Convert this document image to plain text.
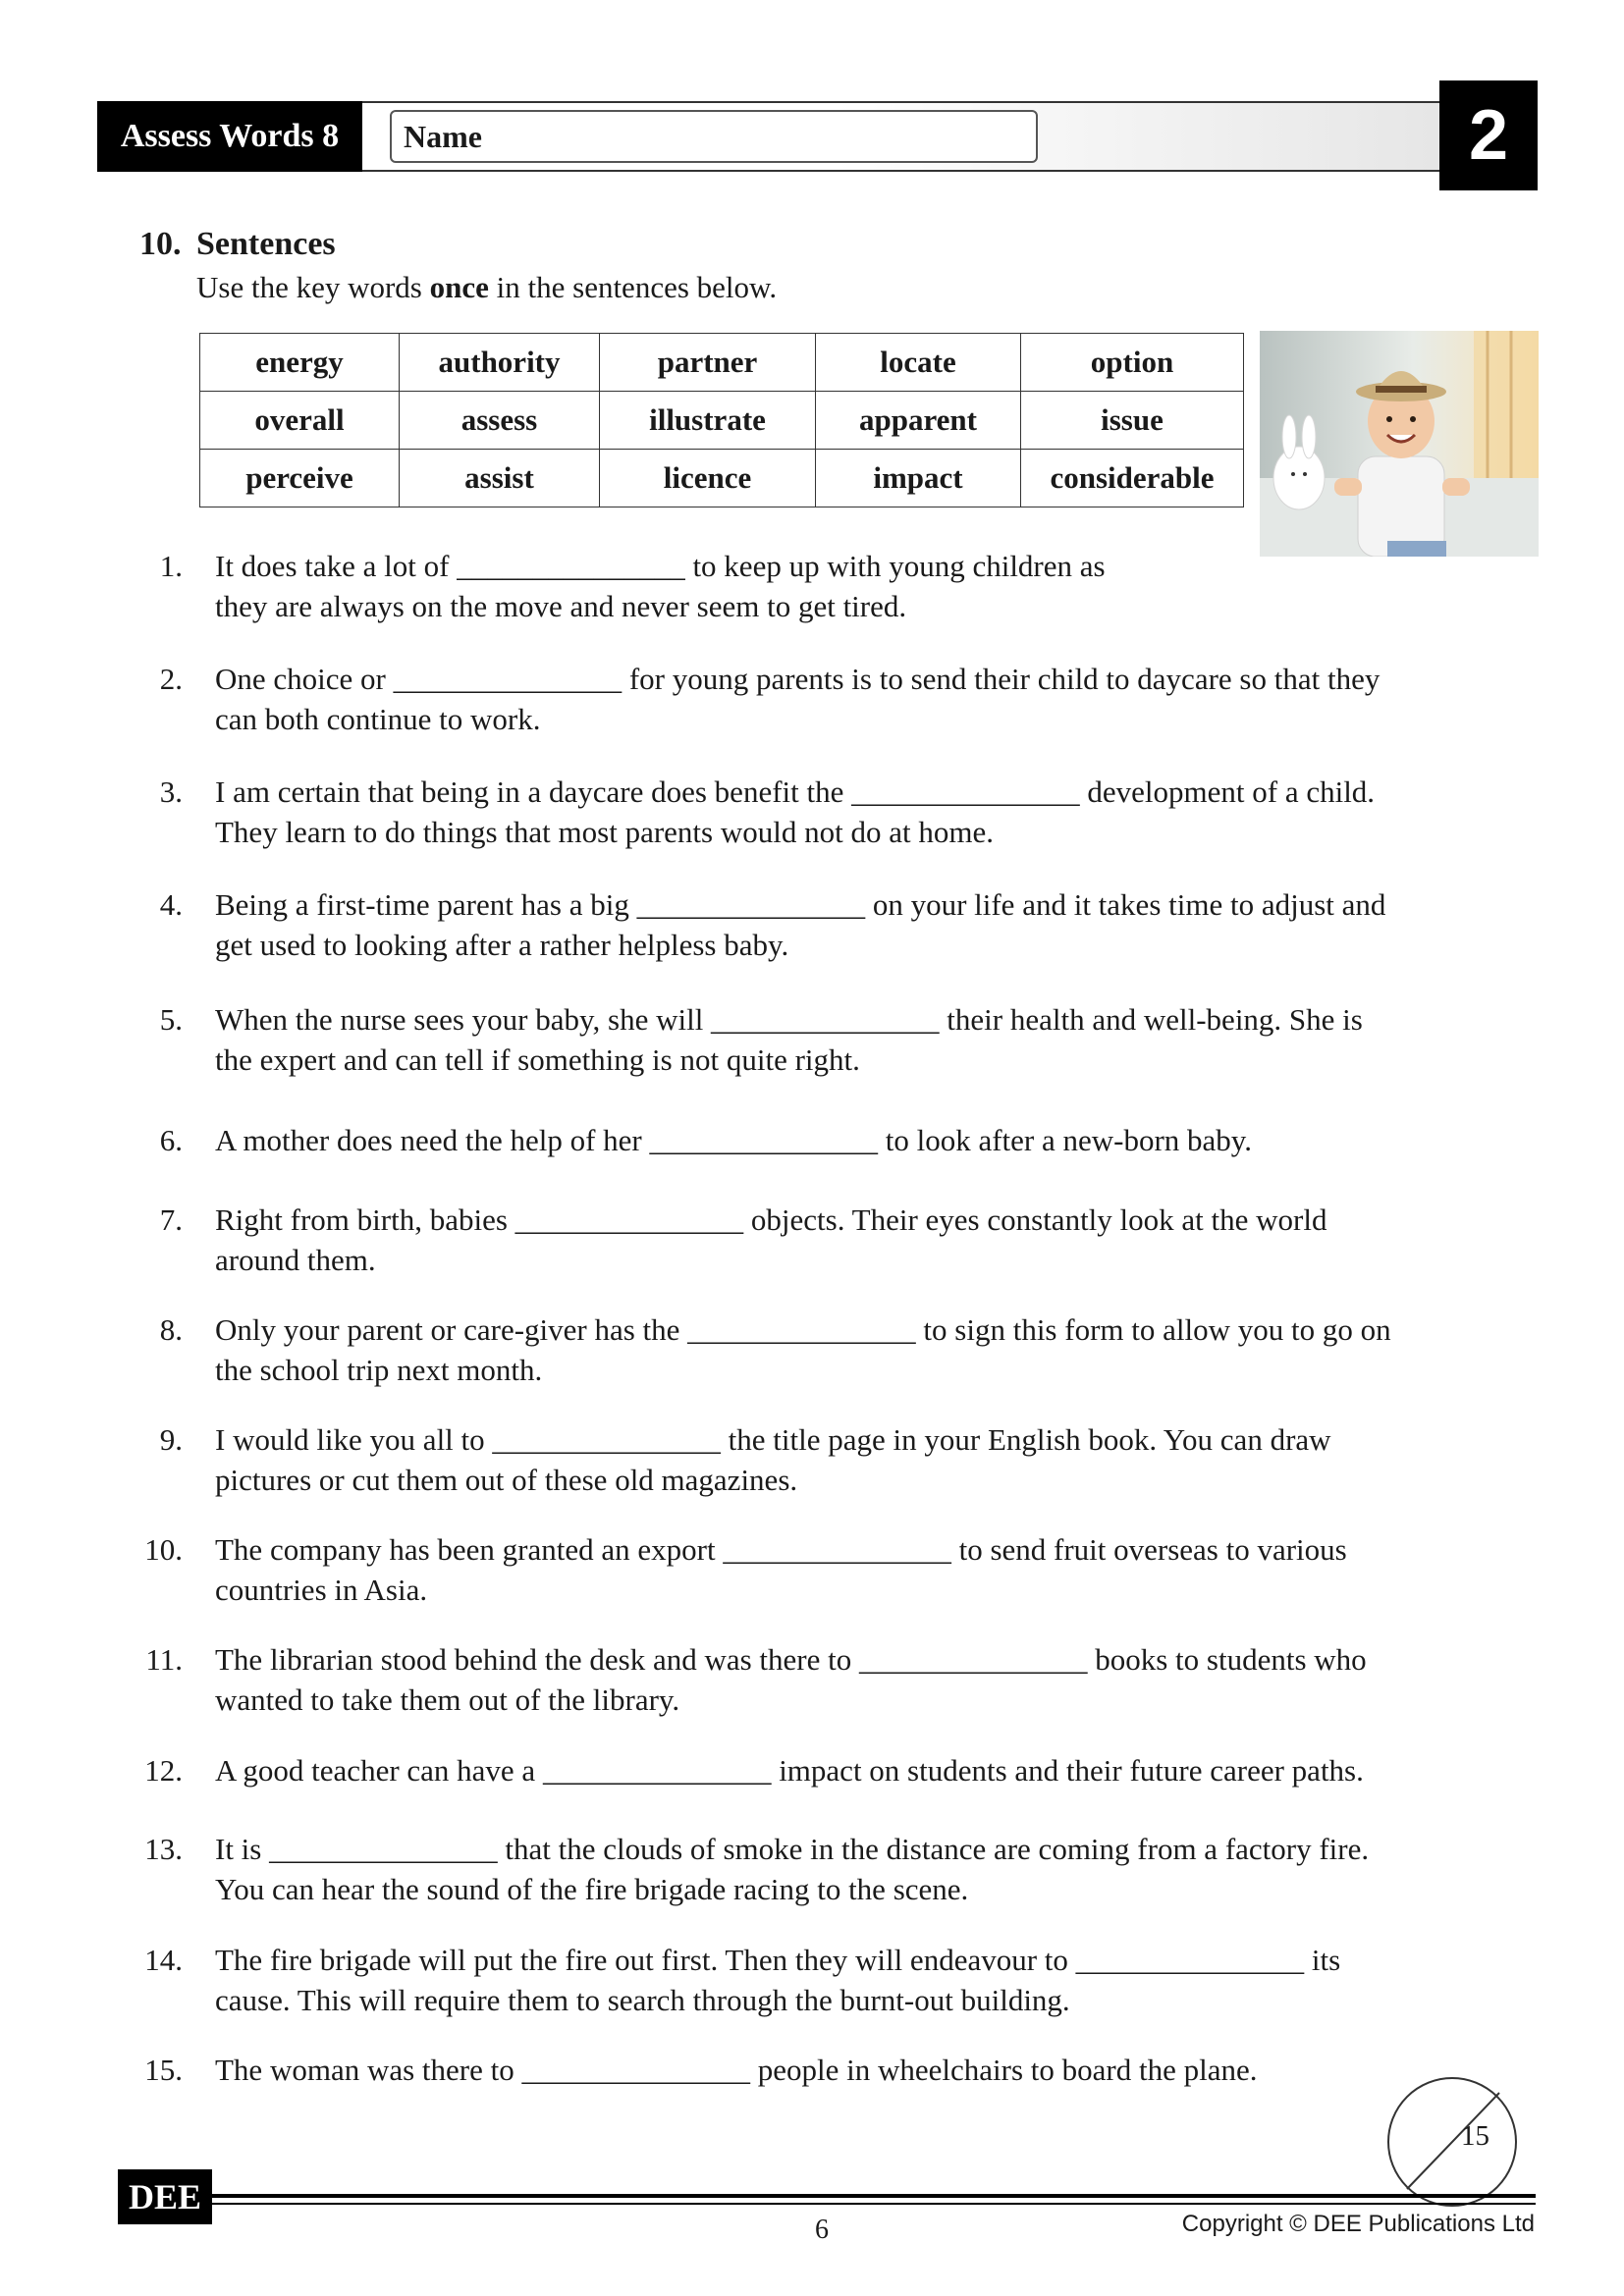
Assess Words 8	Name	2
10. Sentences
Use the key words once in the sentences below.
energy	authority	partner	locate	option
overall	assess	illustrate	apparent	issue
perceive	assist	licence	impact	considerable
1. It does take a lot of _______________ to keep up with young children as
they are always on the move and never seem to get tired.
2. One choice or _______________ for young parents is to send their child to daycare so that they
can both continue to work.
3. I am certain that being in a daycare does benefit the _______________ development of a child.
They learn to do things that most parents would not do at home.
4. Being a first-time parent has a big _______________ on your life and it takes time to adjust and
get used to looking after a rather helpless baby.
5. When the nurse sees your baby, she will _______________ their health and well-being. She is
the expert and can tell if something is not quite right.
6. A mother does need the help of her _______________ to look after a new-born baby.

7. Right from birth, babies _______________ objects. Their eyes constantly look at the world
around them.
8. Only your parent or care-giver has the _______________ to sign this form to allow you to go on
the school trip next month.
9. I would like you all to _______________ the title page in your English book. You can draw
pictures or cut them out of these old magazines.
10. The company has been granted an export _______________ to send fruit overseas to various
countries in Asia.
11. The librarian stood behind the desk and was there to _______________ books to students who
wanted to take them out of the library.
12. A good teacher can have a _______________ impact on students and their future career paths.

13. It is _______________ that the clouds of smoke in the distance are coming from a factory fire.
You can hear the sound of the fire brigade racing to the scene.
14. The fire brigade will put the fire out first. Then they will endeavour to _______________ its
cause. This will require them to search through the burnt-out building.
15. The woman was there to _______________ people in wheelchairs to board the plane.

15
DEE
6	Copyright © DEE Publications Ltd
